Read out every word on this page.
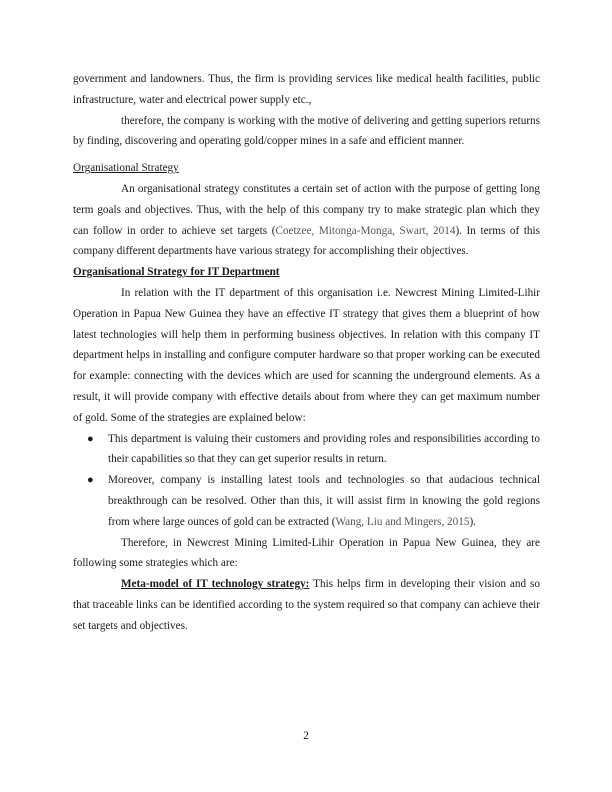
government and landowners. Thus, the firm is providing services like medical health facilities, public infrastructure, water and electrical power supply etc.,

therefore, the company is working with the motive of delivering and getting superiors returns by finding, discovering and operating gold/copper mines in a safe and efficient manner.

Organisational Strategy

An organisational strategy constitutes a certain set of action with the purpose of getting long term goals and objectives. Thus, with the help of this company try to make strategic plan which they can follow in order to achieve set targets (Coetzee, Mitonga-Monga, Swart, 2014). In terms of this company different departments have various strategy for accomplishing their objectives.

Organisational Strategy for IT Department

In relation with the IT department of this organisation i.e. Newcrest Mining Limited-Lihir Operation in Papua New Guinea they have an effective IT strategy that gives them a blueprint of how latest technologies will help them in performing business objectives. In relation with this company IT department helps in installing and configure computer hardware so that proper working can be executed for example: connecting with the devices which are used for scanning the underground elements. As a result, it will provide company with effective details about from where they can get maximum number of gold. Some of the strategies are explained below:

● This department is valuing their customers and providing roles and responsibilities according to their capabilities so that they can get superior results in return.
● Moreover, company is installing latest tools and technologies so that audacious technical breakthrough can be resolved. Other than this, it will assist firm in knowing the gold regions from where large ounces of gold can be extracted (Wang, Liu and Mingers, 2015).

Therefore, in Newcrest Mining Limited-Lihir Operation in Papua New Guinea, they are following some strategies which are:

Meta-model of IT technology strategy: This helps firm in developing their vision and so that traceable links can be identified according to the system required so that company can achieve their set targets and objectives.

2
